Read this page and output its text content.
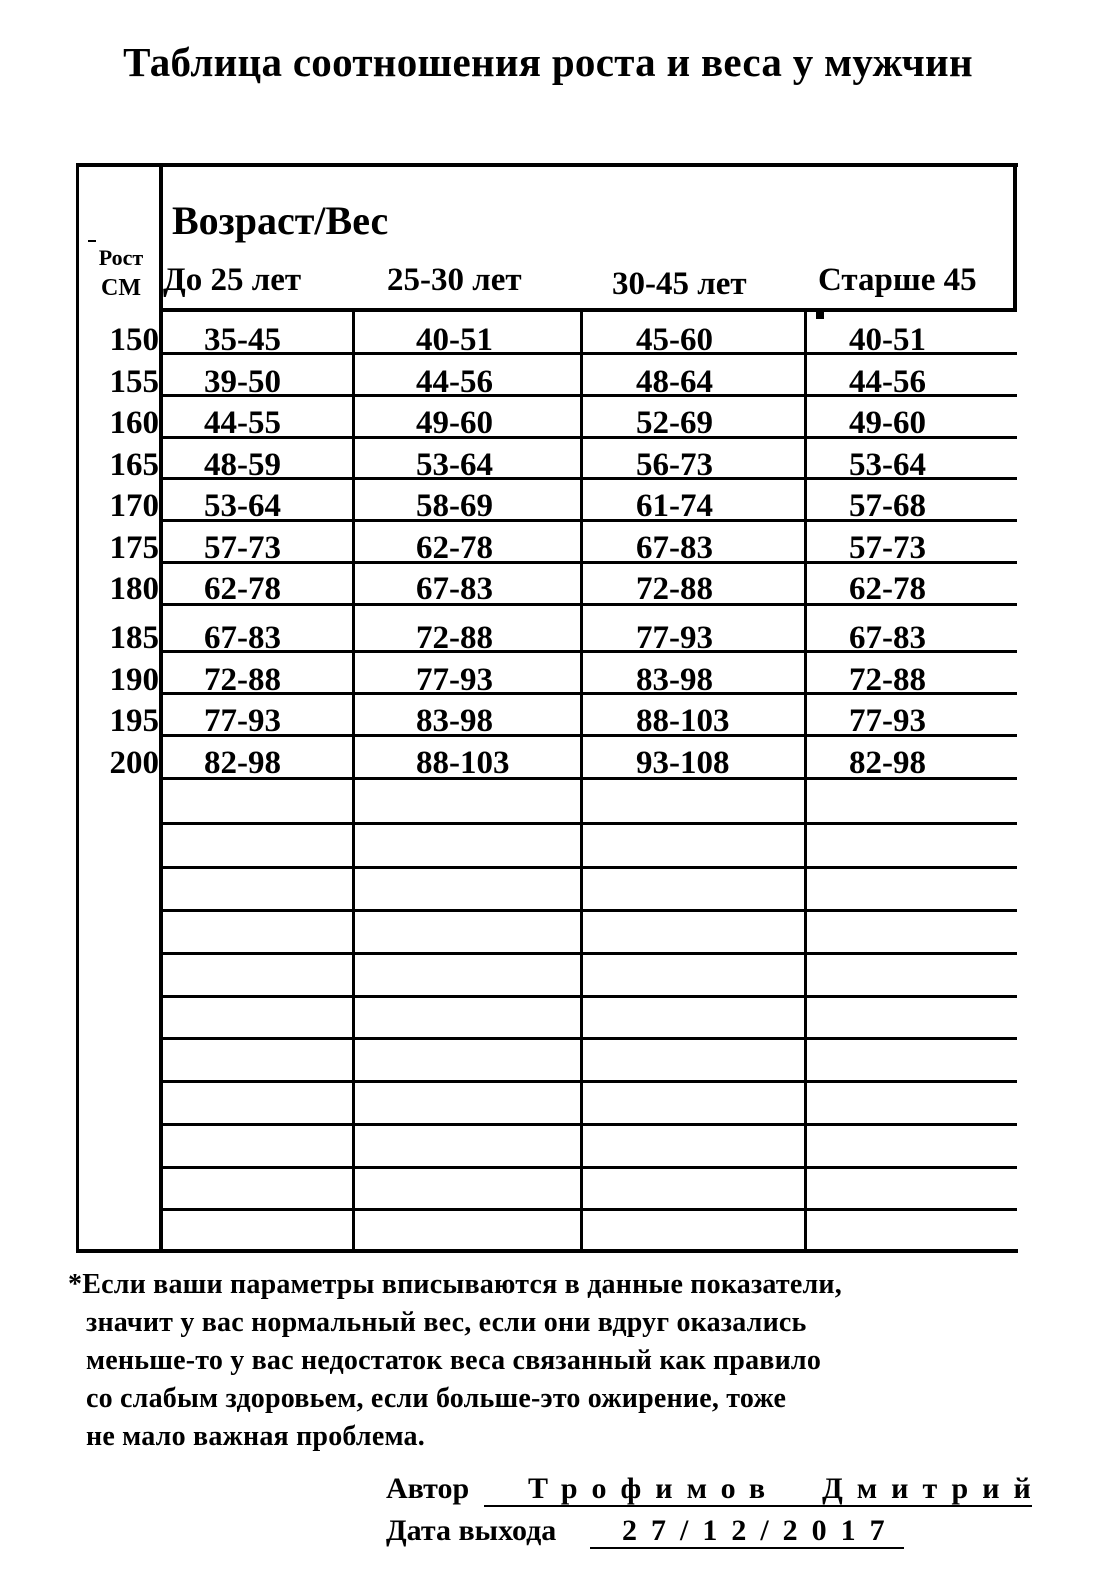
Таблица соотношения роста и веса у мужчин
Возраст/Вес
Рост
СМ До 25 лет	25-30 лет	30-45 лет Старше 45
150 35-45	40-51	45-60	40-51
155 39-50	44-56	48-64	44-56
160 44-55	49-60	52-69	49-60
165 48-59	53-64	56-73	53-64
170 53-64	58-69	61-74	57-68
175 57-73	62-78	67-83	57-73
180 62-78	67-83	72-88	62-78
185 67-83	72-88	77-93	67-83
190 72-88	77-93	83-98	72-88
195 77-93	83-98	88-103	77-93
200 82-98	88-103	93-108	82-98
*Если ваши параметры вписываются в данные показатели,
значит у вас нормальный вес, если они вдруг оказались
меньше-то у вас недостаток веса связанный как правило
со слабым здоровьем, если больше-это ожирение, тоже
не мало важная проблема.
Автор Трофимов  Дмитрий
Дата выхода 27/12/2017
